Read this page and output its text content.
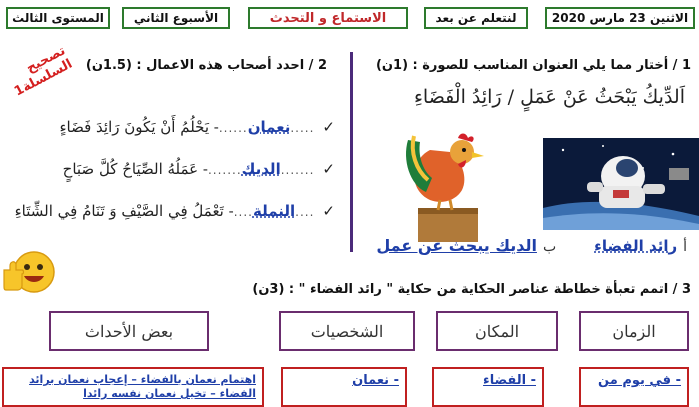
الاثنين 23 مارس 2020
لنتعلم عن بعد
الاستماع و التحدث
الأسبوع الثاني
المستوى الثالث
1 / أختار مما يلي العنوان المناسب للصورة : (1ن)
اَلدِّيكُ يَبْحَثُ عَنْ عَمَلٍ / رَائِدُ الْفَضَاءِ
أ
رائد الفضاء
ب
الديك يبحث عن عمل
2 / احدد أصحاب هذه الاعمال : (1.5ن)
تصحيح السلسلة1
✓
.....
نعمان
......
- يَحْلُمُ أَنْ يَكُونَ رَائِدَ فَضَاءٍ
✓
.......
الديك
.......
- عَمَلُهُ الصِّيَاحُ كُلَّ صَبَاحٍ
✓
....
النملة
....
- تَعْمَلُ فِي الصَّيْفِ وَ تَنَامُ فِي الشِّتَاءِ
3 / اتمم تعبأة خطاطة عناصر الحكاية من حكاية " رائد الفضاء " : (3ن)
الزمان
المكان
الشخصيات
بعض الأحداث
- في يوم من
- الفضاء
- نعمان
اهتمام نعمان بالفضاء – إعجاب نعمان برائد الفضاء – تخيل نعمان نفسه رائدا
